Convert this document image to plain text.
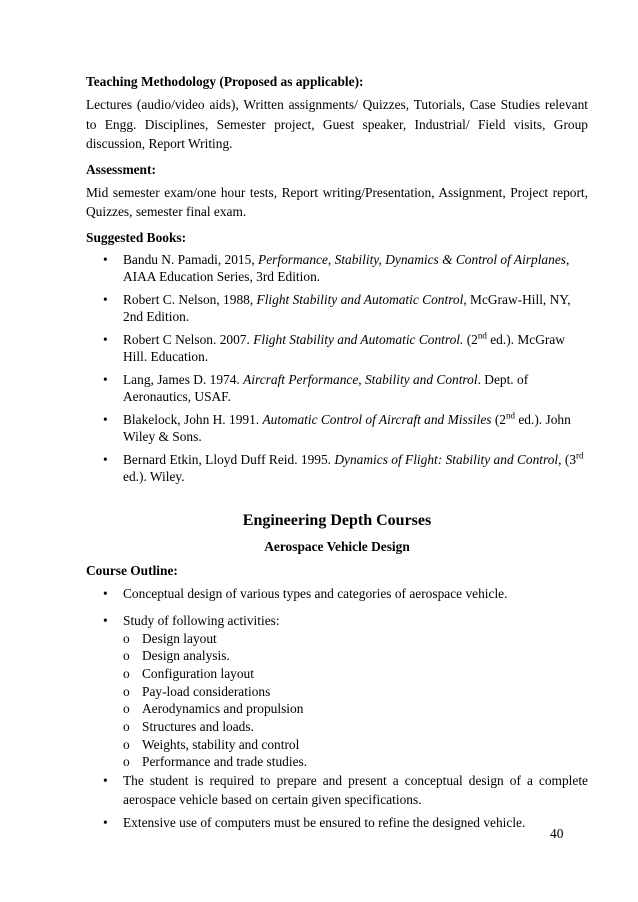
Teaching Methodology (Proposed as applicable):

Lectures (audio/video aids), Written assignments/ Quizzes, Tutorials, Case Studies relevant to Engg. Disciplines, Semester project, Guest speaker, Industrial/ Field visits, Group discussion, Report Writing.

Assessment:

Mid semester exam/one hour tests, Report writing/Presentation, Assignment, Project report, Quizzes, semester final exam.

Suggested Books:
• Bandu N. Pamadi, 2015, Performance, Stability, Dynamics & Control of Airplanes, AIAA Education Series, 3rd Edition.
• Robert C. Nelson, 1988, Flight Stability and Automatic Control, McGraw-Hill, NY, 2nd Edition.
• Robert C Nelson. 2007. Flight Stability and Automatic Control. (2nd ed.). McGraw Hill. Education.
• Lang, James D. 1974. Aircraft Performance, Stability and Control. Dept. of Aeronautics, USAF.
• Blakelock, John H. 1991. Automatic Control of Aircraft and Missiles (2nd ed.). John Wiley & Sons.
• Bernard Etkin, Lloyd Duff Reid. 1995. Dynamics of Flight: Stability and Control, (3rd ed.). Wiley.
Engineering Depth Courses
Aerospace Vehicle Design
Course Outline:
• Conceptual design of various types and categories of aerospace vehicle.
• Study of following activities:
o Design layout
o Design analysis.
o Configuration layout
o Pay-load considerations
o Aerodynamics and propulsion
o Structures and loads.
o Weights, stability and control
o Performance and trade studies.
• The student is required to prepare and present a conceptual design of a complete aerospace vehicle based on certain given specifications.
• Extensive use of computers must be ensured to refine the designed vehicle.
40
